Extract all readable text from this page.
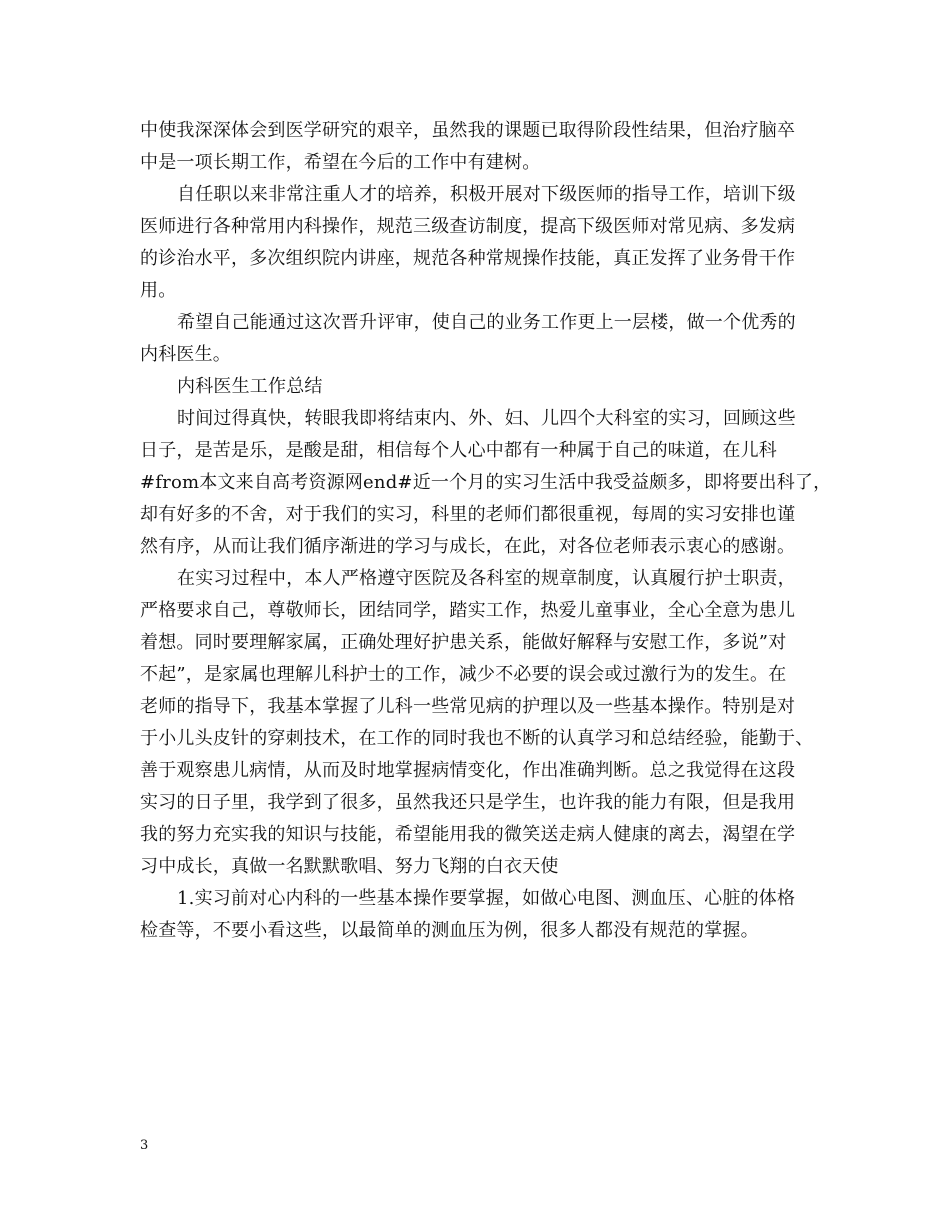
中使我深深体会到医学研究的艰辛，虽然我的课题已取得阶段性结果，但治疗脑卒
中是一项长期工作，希望在今后的工作中有建树。
自任职以来非常注重人才的培养，积极开展对下级医师的指导工作，培训下级
医师进行各种常用内科操作，规范三级查访制度，提高下级医师对常见病、多发病
的诊治水平，多次组织院内讲座，规范各种常规操作技能，真正发挥了业务骨干作
用。
希望自己能通过这次晋升评审，使自己的业务工作更上一层楼，做一个优秀的
内科医生。
内科医生工作总结
时间过得真快，转眼我即将结束内、外、妇、儿四个大科室的实习，回顾这些
日子，是苦是乐，是酸是甜，相信每个人心中都有一种属于自己的味道，在儿科
#from本文来自高考资源网end#近一个月的实习生活中我受益颇多，即将要出科了，
却有好多的不舍，对于我们的实习，科里的老师们都很重视，每周的实习安排也谨
然有序，从而让我们循序渐进的学习与成长，在此，对各位老师表示衷心的感谢。
在实习过程中，本人严格遵守医院及各科室的规章制度，认真履行护士职责，
严格要求自己，尊敬师长，团结同学，踏实工作，热爱儿童事业，全心全意为患儿
着想。同时要理解家属，正确处理好护患关系，能做好解释与安慰工作，多说”对
不起”，是家属也理解儿科护士的工作，减少不必要的误会或过激行为的发生。在
老师的指导下，我基本掌握了儿科一些常见病的护理以及一些基本操作。特别是对
于小儿头皮针的穿刺技术，在工作的同时我也不断的认真学习和总结经验，能勤于、
善于观察患儿病情，从而及时地掌握病情变化，作出准确判断。总之我觉得在这段
实习的日子里，我学到了很多，虽然我还只是学生，也许我的能力有限，但是我用
我的努力充实我的知识与技能，希望能用我的微笑送走病人健康的离去，渴望在学
习中成长，真做一名默默歌唱、努力飞翔的白衣天使
1.实习前对心内科的一些基本操作要掌握，如做心电图、测血压、心脏的体格
检查等，不要小看这些，以最简单的测血压为例，很多人都没有规范的掌握。
3
